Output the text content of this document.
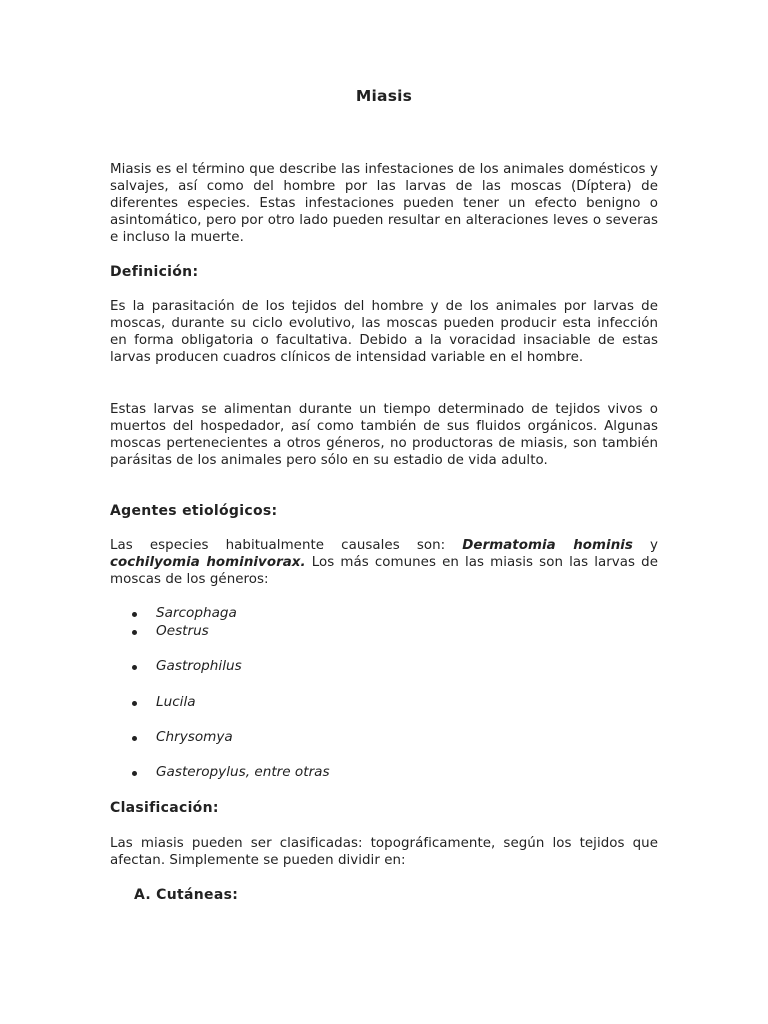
Miasis
Miasis es el término que describe las infestaciones de los animales domésticos y salvajes, así como del hombre por las larvas de las moscas (Díptera) de diferentes especies. Estas infestaciones pueden tener un efecto benigno o asintomático, pero por otro lado pueden resultar en alteraciones leves o severas e incluso la muerte.
Definición:
Es la parasitación de los tejidos del hombre y de los animales por larvas de moscas, durante su ciclo evolutivo, las moscas pueden producir esta infección en forma obligatoria o facultativa. Debido a la voracidad insaciable de estas larvas producen cuadros clínicos de intensidad variable en el hombre.
Estas larvas se alimentan durante un tiempo determinado de tejidos vivos o muertos del hospedador, así como también de sus fluidos orgánicos. Algunas moscas pertenecientes a otros géneros, no productoras de miasis, son también parásitas de los animales pero sólo en su estadio de vida adulto.
Agentes etiológicos:
Las especies habitualmente causales son: Dermatomia hominis y cochilyomia hominivorax. Los más comunes en las miasis son las larvas de moscas de los géneros:
Sarcophaga
Oestrus
Gastrophilus
Lucila
Chrysomya
Gasteropylus, entre otras
Clasificación:
Las miasis pueden ser clasificadas: topográficamente, según los tejidos que afectan. Simplemente se pueden dividir en:
A. Cutáneas:
